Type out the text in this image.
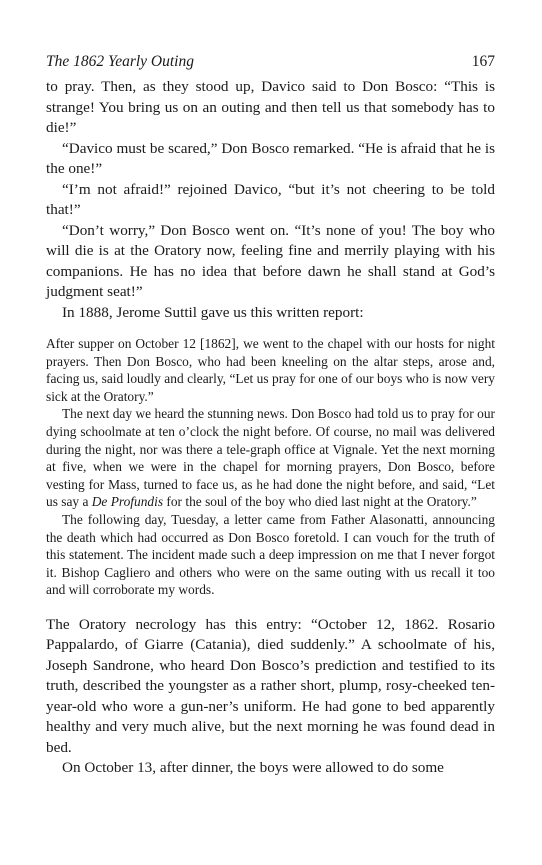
The 1862 Yearly Outing	167

to pray. Then, as they stood up, Davico said to Don Bosco: “This is strange! You bring us on an outing and then tell us that somebody has to die!”

“Davico must be scared,” Don Bosco remarked. “He is afraid that he is the one!”

“I’m not afraid!” rejoined Davico, “but it’s not cheering to be told that!”

“Don’t worry,” Don Bosco went on. “It’s none of you! The boy who will die is at the Oratory now, feeling fine and merrily playing with his companions. He has no idea that before dawn he shall stand at God’s judgment seat!”

In 1888, Jerome Suttil gave us this written report:

After supper on October 12 [1862], we went to the chapel with our hosts for night prayers. Then Don Bosco, who had been kneeling on the altar steps, arose and, facing us, said loudly and clearly, “Let us pray for one of our boys who is now very sick at the Oratory.”

The next day we heard the stunning news. Don Bosco had told us to pray for our dying schoolmate at ten o’clock the night before. Of course, no mail was delivered during the night, nor was there a tele-graph office at Vignale. Yet the next morning at five, when we were in the chapel for morning prayers, Don Bosco, before vesting for Mass, turned to face us, as he had done the night before, and said, “Let us say a De Profundis for the soul of the boy who died last night at the Oratory.”

The following day, Tuesday, a letter came from Father Alasonatti, announcing the death which had occurred as Don Bosco foretold. I can vouch for the truth of this statement. The incident made such a deep impression on me that I never forgot it. Bishop Cagliero and others who were on the same outing with us recall it too and will corroborate my words.

The Oratory necrology has this entry: “October 12, 1862. Rosario Pappalardo, of Giarre (Catania), died suddenly.” A schoolmate of his, Joseph Sandrone, who heard Don Bosco’s prediction and testified to its truth, described the youngster as a rather short, plump, rosy-cheeked ten-year-old who wore a gun-ner’s uniform. He had gone to bed apparently healthy and very much alive, but the next morning he was found dead in bed.

On October 13, after dinner, the boys were allowed to do some
